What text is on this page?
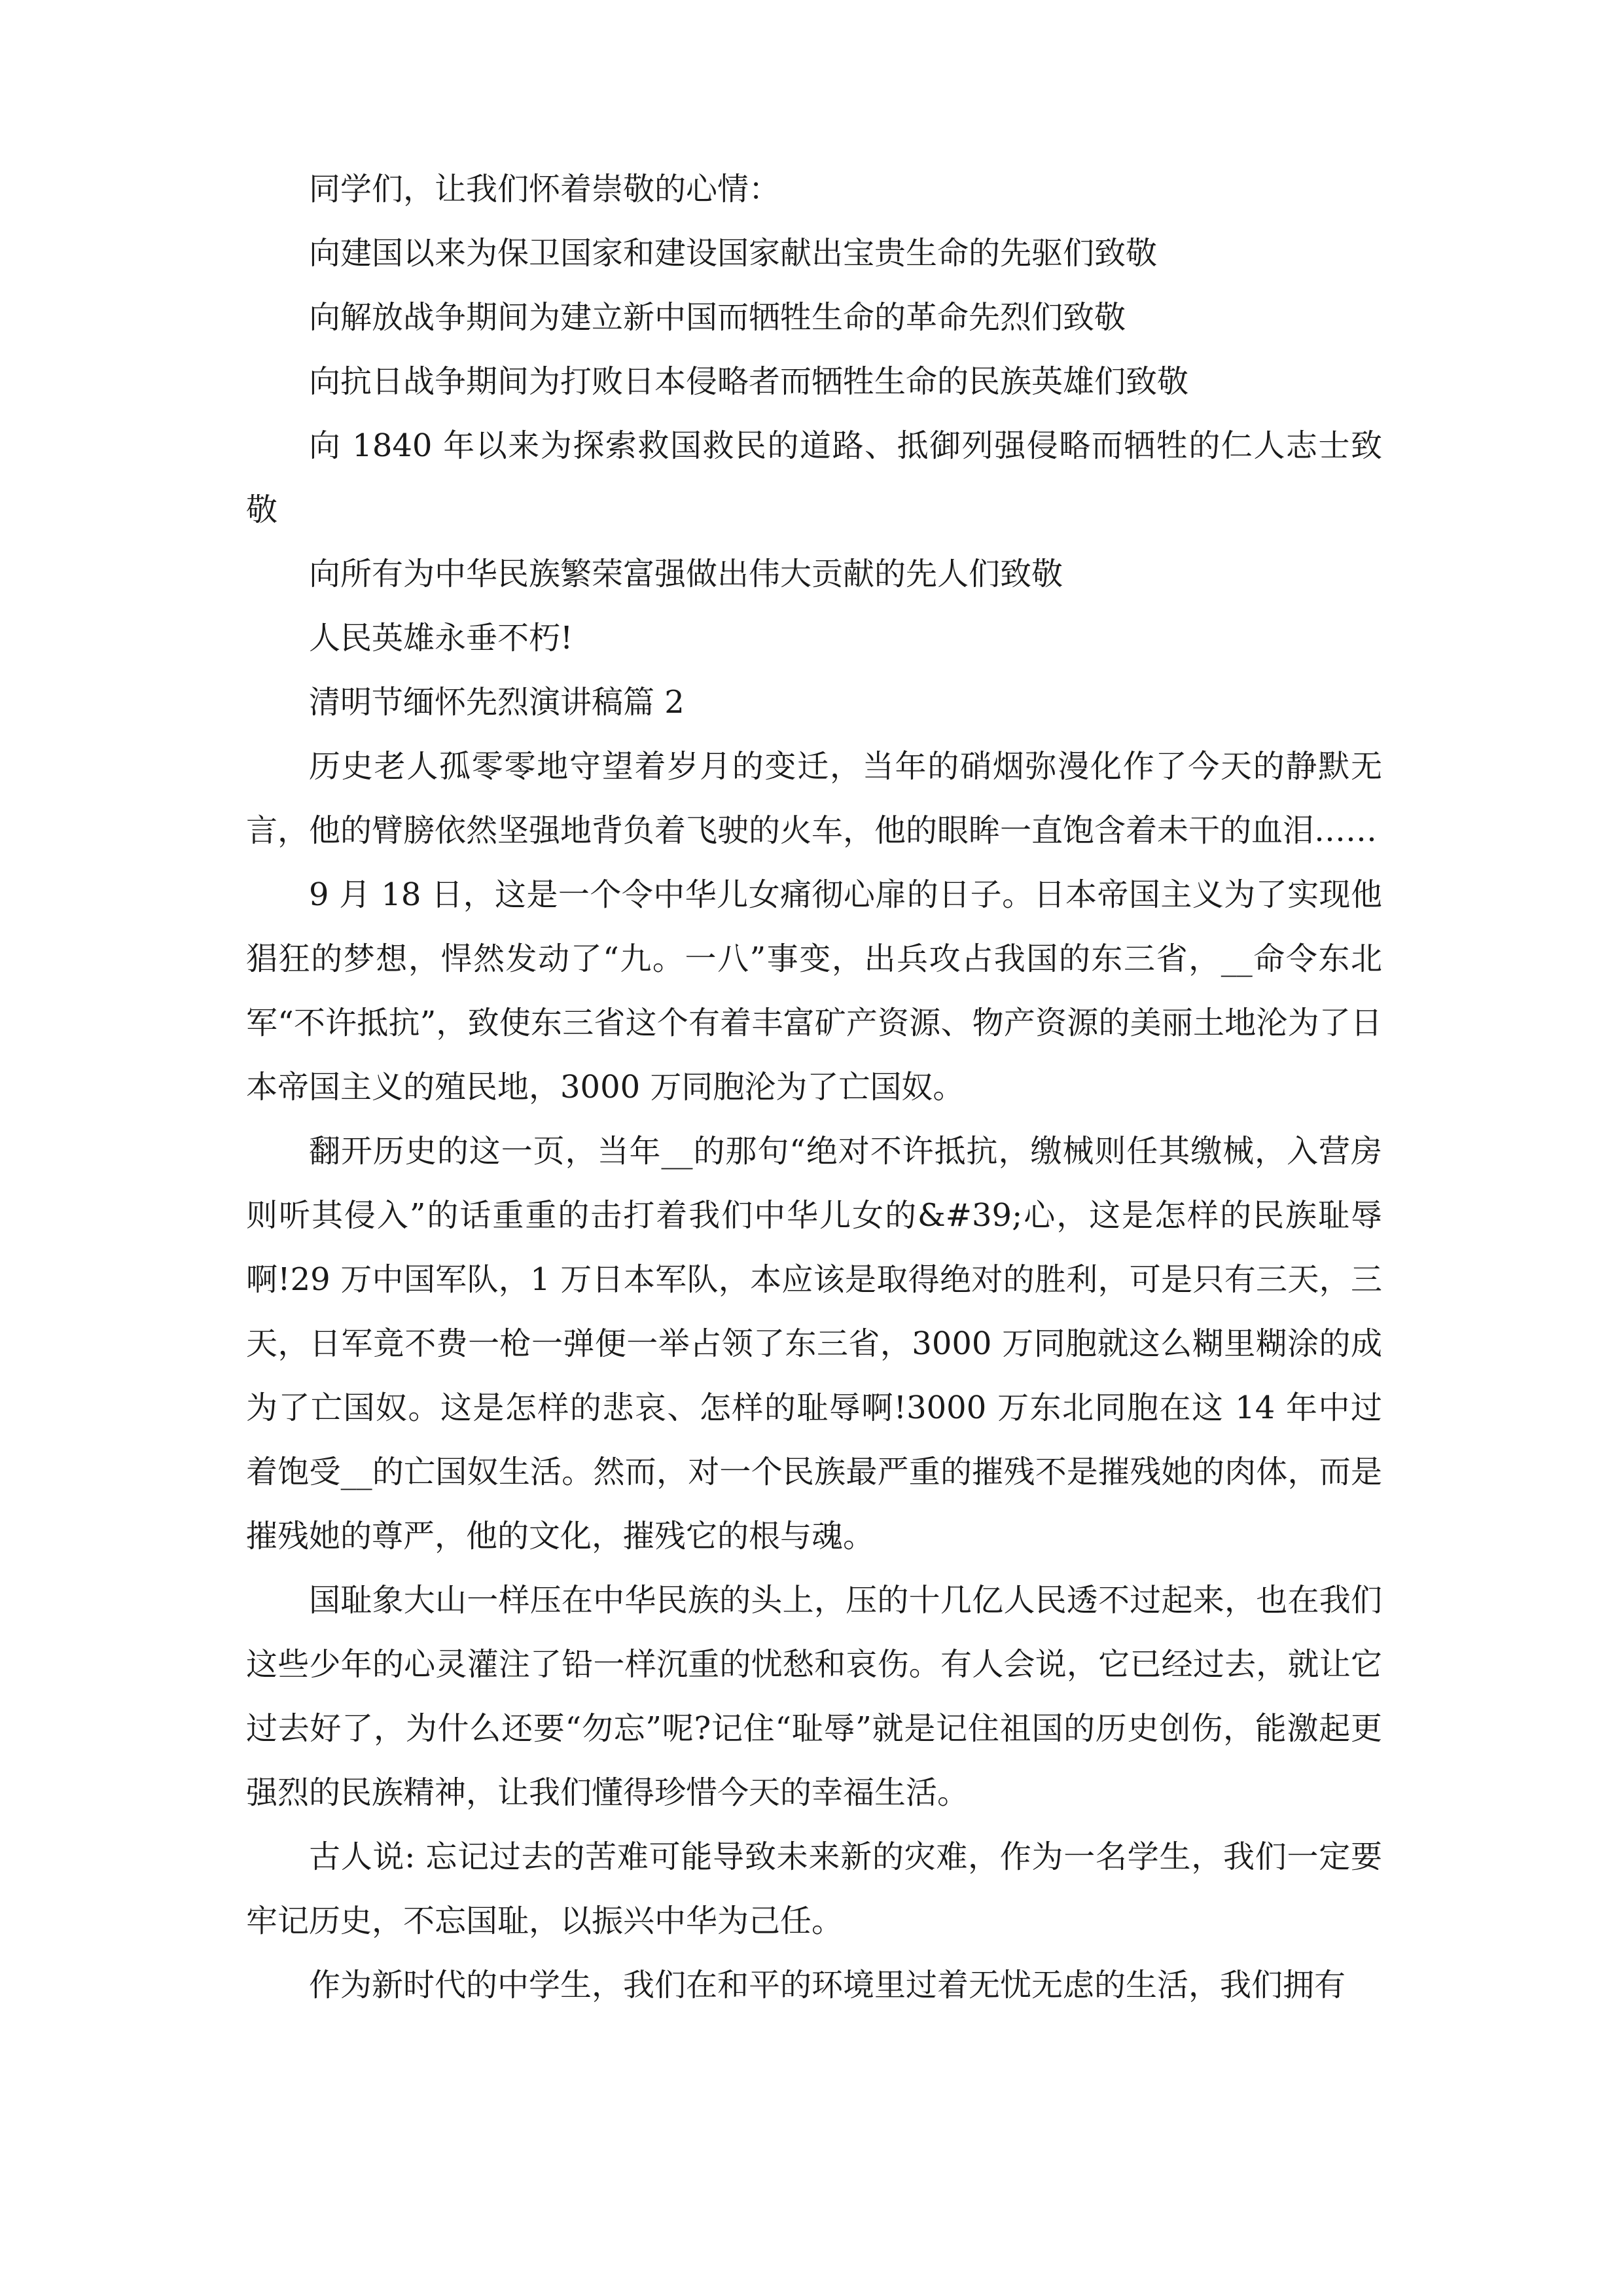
同学们，让我们怀着崇敬的心情：

向建国以来为保卫国家和建设国家献出宝贵生命的先驱们致敬

向解放战争期间为建立新中国而牺牲生命的革命先烈们致敬

向抗日战争期间为打败日本侵略者而牺牲生命的民族英雄们致敬

向 1840 年以来为探索救国救民的道路、抵御列强侵略而牺牲的仁人志士致敬

向所有为中华民族繁荣富强做出伟大贡献的先人们致敬

人民英雄永垂不朽!

清明节缅怀先烈演讲稿篇 2

历史老人孤零零地守望着岁月的变迁，当年的硝烟弥漫化作了今天的静默无言，他的臂膀依然坚强地背负着飞驶的火车，他的眼眸一直饱含着未干的血泪……

9 月 18 日，这是一个令中华儿女痛彻心扉的日子。日本帝国主义为了实现他猖狂的梦想，悍然发动了“九。一八”事变，出兵攻占我国的东三省，__命令东北军“不许抵抗”，致使东三省这个有着丰富矿产资源、物产资源的美丽土地沦为了日本帝国主义的殖民地，3000 万同胞沦为了亡国奴。

翻开历史的这一页，当年__的那句“绝对不许抵抗，缴械则任其缴械，入营房则听其侵入”的话重重的击打着我们中华儿女的&#39;心，这是怎样的民族耻辱啊!29 万中国军队，1 万日本军队，本应该是取得绝对的胜利，可是只有三天，三天，日军竟不费一枪一弹便一举占领了东三省，3000 万同胞就这么糊里糊涂的成为了亡国奴。这是怎样的悲哀、怎样的耻辱啊!3000 万东北同胞在这 14 年中过着饱受__的亡国奴生活。然而，对一个民族最严重的摧残不是摧残她的肉体，而是摧残她的尊严，他的文化，摧残它的根与魂。

国耻象大山一样压在中华民族的头上，压的十几亿人民透不过起来，也在我们这些少年的心灵灌注了铅一样沉重的忧愁和哀伤。有人会说，它已经过去，就让它过去好了，为什么还要“勿忘”呢?记住“耻辱”就是记住祖国的历史创伤，能激起更强烈的民族精神，让我们懂得珍惜今天的幸福生活。

古人说: 忘记过去的苦难可能导致未来新的灾难，作为一名学生，我们一定要牢记历史，不忘国耻，以振兴中华为己任。

作为新时代的中学生，我们在和平的环境里过着无忧无虑的生活，我们拥有
